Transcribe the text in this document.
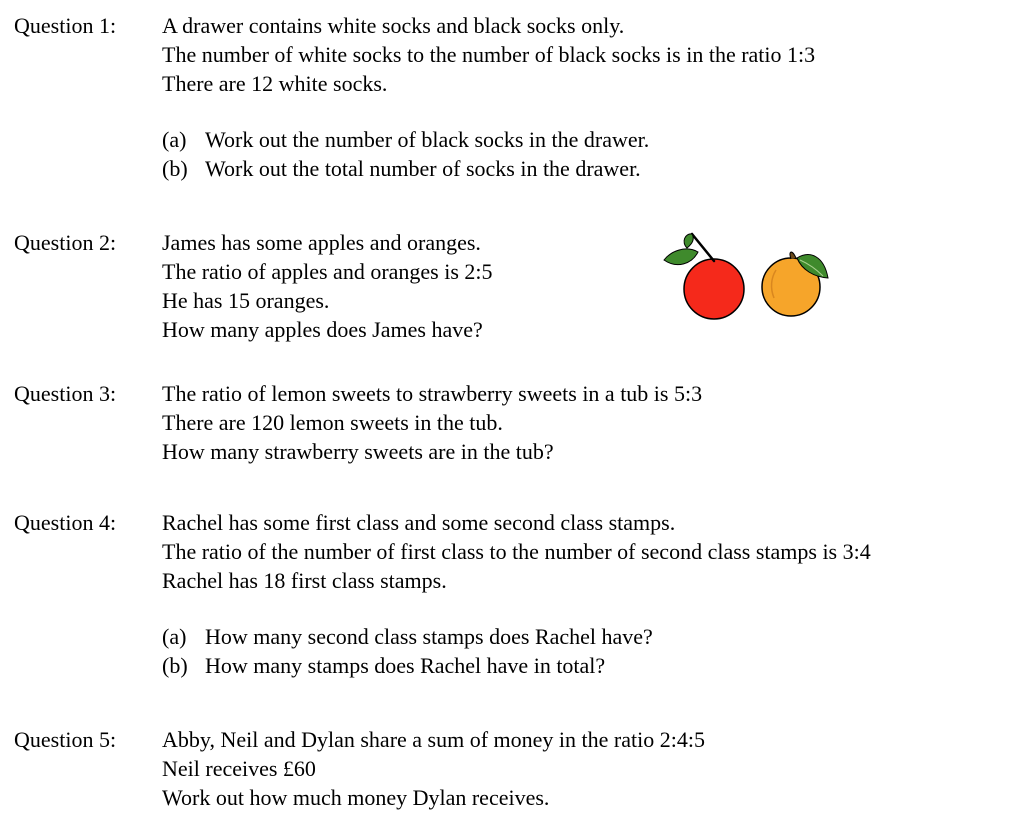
Question 1: A drawer contains white socks and black socks only.
The number of white socks to the number of black socks is in the ratio 1:3
There are 12 white socks.
(a) Work out the number of black socks in the drawer.
(b) Work out the total number of socks in the drawer.
Question 2: James has some apples and oranges.
The ratio of apples and oranges is 2:5
He has 15 oranges.
How many apples does James have?
Question 3: The ratio of lemon sweets to strawberry sweets in a tub is 5:3
There are 120 lemon sweets in the tub.
How many strawberry sweets are in the tub?
Question 4: Rachel has some first class and some second class stamps.
The ratio of the number of first class to the number of second class stamps is 3:4
Rachel has 18 first class stamps.
(a) How many second class stamps does Rachel have?
(b) How many stamps does Rachel have in total?
Question 5: Abby, Neil and Dylan share a sum of money in the ratio 2:4:5
Neil receives £60
Work out how much money Dylan receives.
